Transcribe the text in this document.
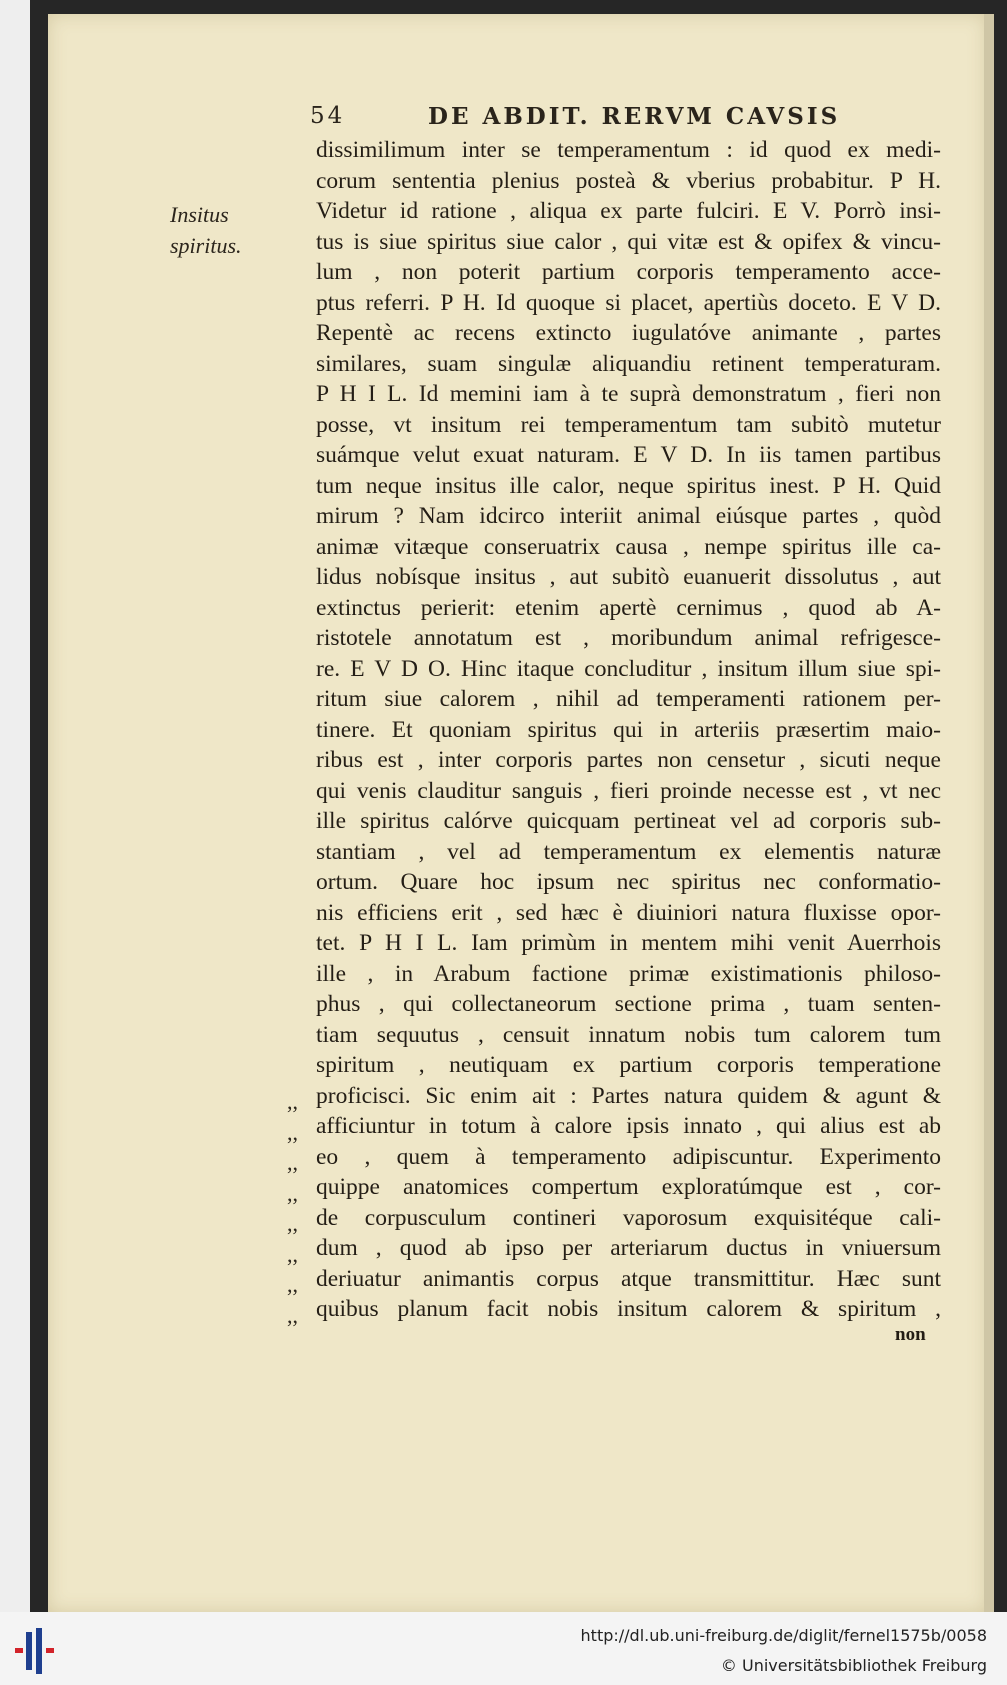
54	DE ABDIT. RERVM CAVSIS
Insitus spiritus.
dissimilimum inter se temperamentum : id quod ex medi-
corum sententia plenius posteà & vberius probabitur. P H.
Videtur id ratione , aliqua ex parte fulciri. E V. Porrò insi-
tus is siue spiritus siue calor , qui vitæ est & opifex & vincu-
lum , non poterit partium corporis temperamento acce-
ptus referri. P H. Id quoque si placet, apertiùs doceto. E V D.
Repentè ac recens extincto iugulatóve animante , partes
similares, suam singulæ aliquandiu retinent temperaturam.
P H I L. Id memini iam à te suprà demonstratum , fieri non
posse, vt insitum rei temperamentum tam subitò mutetur
suámque velut exuat naturam. E V D. In iis tamen partibus
tum neque insitus ille calor, neque spiritus inest. P H. Quid
mirum ? Nam idcirco interiit animal eiúsque partes , quòd
animæ vitæque conseruatrix causa , nempe spiritus ille ca-
lidus nobísque insitus , aut subitò euanuerit dissolutus , aut
extinctus perierit: etenim apertè cernimus , quod ab A-
ristotele annotatum est , moribundum animal refrigesce-
re. E V D O. Hinc itaque concluditur , insitum illum siue spi-
ritum siue calorem , nihil ad temperamenti rationem per-
tinere. Et quoniam spiritus qui in arteriis præsertim maio-
ribus est , inter corporis partes non censetur , sicuti neque
qui venis clauditur sanguis , fieri proinde necesse est , vt nec
ille spiritus calórve quicquam pertineat vel ad corporis sub-
stantiam , vel ad temperamentum ex elementis naturæ
ortum. Quare hoc ipsum nec spiritus nec conformatio-
nis efficiens erit , sed hæc è diuiniori natura fluxisse opor-
tet. P H I L. Iam primùm in mentem mihi venit Auerrhois
ille , in Arabum factione primæ existimationis philoso-
phus , qui collectaneorum sectione prima , tuam senten-
tiam sequutus , censuit innatum nobis tum calorem tum
spiritum , neutiquam ex partium corporis temperatione
proficisci. Sic enim ait : Partes natura quidem & agunt &
afficiuntur in totum à calore ipsis innato , qui alius est ab
eo , quem à temperamento adipiscuntur. Experimento
quippe anatomices compertum exploratúmque est , cor-
de corpusculum contineri vaporosum exquisitéque cali-
dum , quod ab ipso per arteriarum ductus in vniuersum
deriuatur animantis corpus atque transmittitur. Hæc sunt
quibus planum facit nobis insitum calorem & spiritum ,
,,
,,
,,
,,
,,
,,
,,
,,
non
http://dl.ub.uni-freiburg.de/diglit/fernel1575b/0058
© Universitätsbibliothek Freiburg
